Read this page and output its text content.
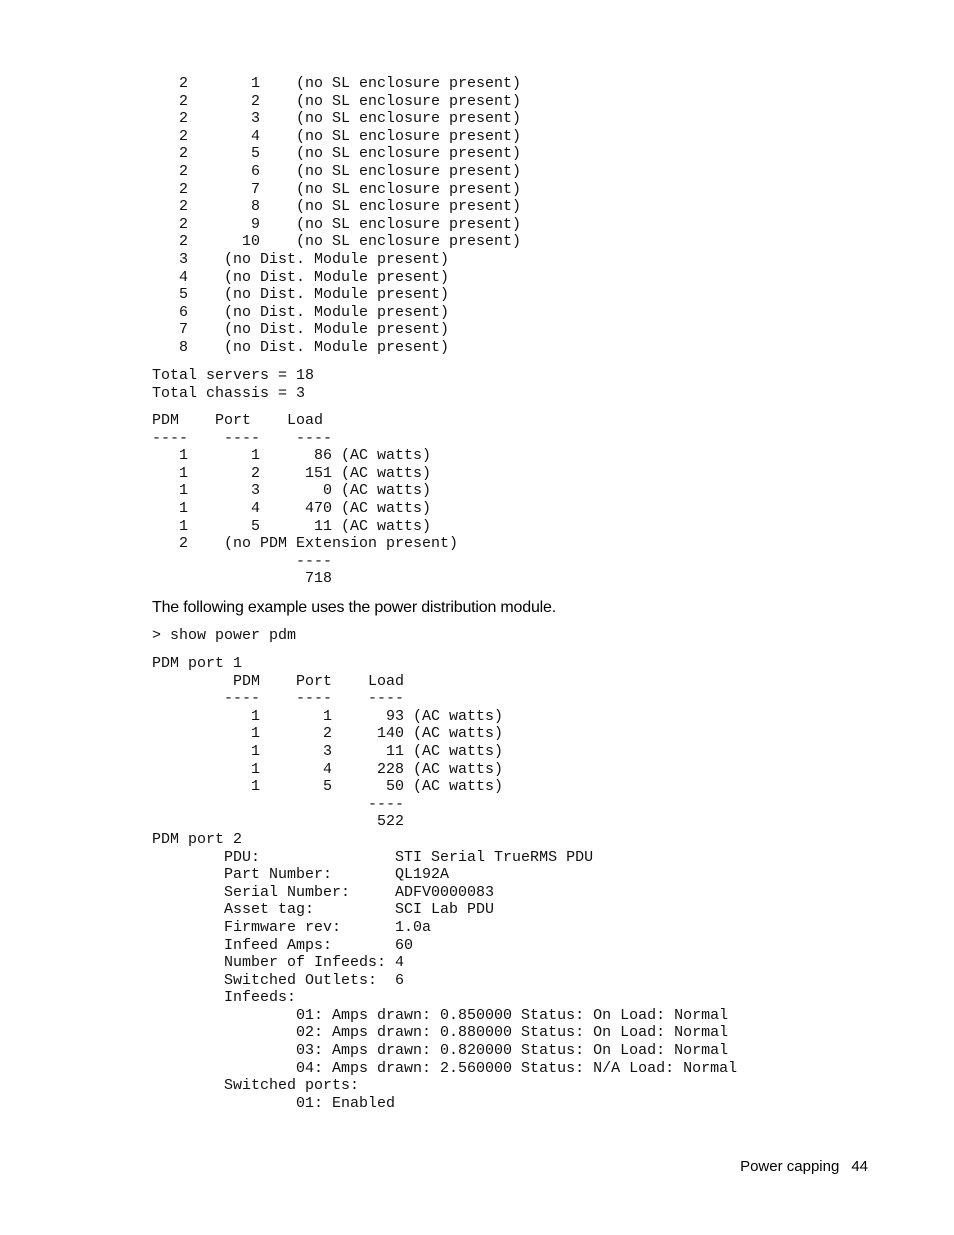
2       1    (no SL enclosure present)
2       2    (no SL enclosure present)
2       3    (no SL enclosure present)
2       4    (no SL enclosure present)
2       5    (no SL enclosure present)
2       6    (no SL enclosure present)
2       7    (no SL enclosure present)
2       8    (no SL enclosure present)
2       9    (no SL enclosure present)
2      10    (no SL enclosure present)
3    (no Dist. Module present)
4    (no Dist. Module present)
5    (no Dist. Module present)
6    (no Dist. Module present)
7    (no Dist. Module present)
8    (no Dist. Module present)
Total servers = 18
Total chassis = 3
PDM    Port    Load
----    ----    ----
1       1      86 (AC watts)
1       2     151 (AC watts)
1       3       0 (AC watts)
1       4     470 (AC watts)
1       5      11 (AC watts)
2    (no PDM Extension present)
----
718

The following example uses the power distribution module.

> show power pdm
PDM port 1
PDM    Port    Load
----    ----    ----
1       1      93 (AC watts)
1       2     140 (AC watts)
1       3      11 (AC watts)
1       4     228 (AC watts)
1       5      50 (AC watts)
----
522
PDM port 2
PDU:               STI Serial TrueRMS PDU
Part Number:       QL192A
Serial Number:     ADFV0000083
Asset tag:         SCI Lab PDU
Firmware rev:      1.0a
Infeed Amps:       60
Number of Infeeds: 4
Switched Outlets:  6
Infeeds:
01: Amps drawn: 0.850000 Status: On Load: Normal
02: Amps drawn: 0.880000 Status: On Load: Normal
03: Amps drawn: 0.820000 Status: On Load: Normal
04: Amps drawn: 2.560000 Status: N/A Load: Normal
Switched ports:
01: Enabled
Power capping 44
